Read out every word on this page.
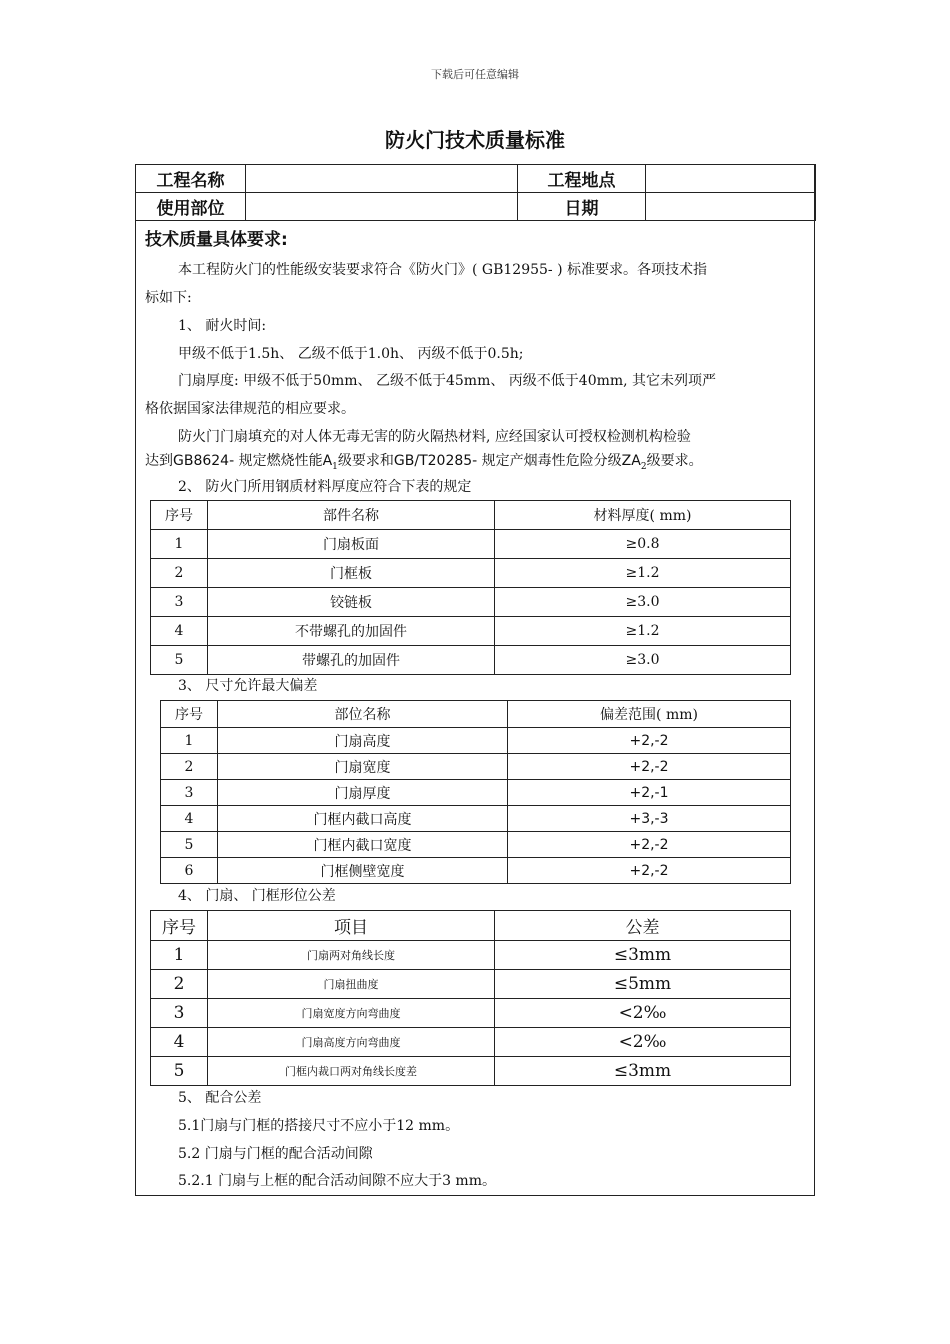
下载后可任意编辑
防火门技术质量标准
工程名称		工程地点	
使用部位		日期	
技术质量具体要求:
本工程防火门的性能级安装要求符合《防火门》( GB12955- ) 标准要求。各项技术指
标如下:
1、 耐火时间:
甲级不低于1.5h、 乙级不低于1.0h、 丙级不低于0.5h;
门扇厚度: 甲级不低于50mm、 乙级不低于45mm、 丙级不低于40mm, 其它未列项严
格依据国家法律规范的相应要求。
防火门门扇填充的对人体无毒无害的防火隔热材料, 应经国家认可授权检测机构检验
达到GB8624- 规定燃烧性能$A_1$级要求和GB/T20285- 规定产烟毒性危险分级$ZA_2$级要求。
2、 防火门所用钢质材料厚度应符合下表的规定
序号	部件名称	材料厚度( mm)
1	门扇板面	≥0.8
2	门框板	≥1.2
3	铰链板	≥3.0
4	不带螺孔的加固件	≥1.2
5	带螺孔的加固件	≥3.0
3、 尺寸允许最大偏差
序号	部位名称	偏差范围( mm)
1	门扇高度	+2,-2
2	门扇宽度	+2,-2
3	门扇厚度	+2,-1
4	门框内截口高度	+3,-3
5	门框内截口宽度	+2,-2
6	门框侧壁宽度	+2,-2
4、 门扇、 门框形位公差
序号	项目	公差
1	门扇两对角线长度	≤3mm
2	门扇扭曲度	≤5mm
3	门扇宽度方向弯曲度	<2‰
4	门扇高度方向弯曲度	<2‰
5	门框内裁口两对角线长度差	≤3mm
5、 配合公差
5.1门扇与门框的搭接尺寸不应小于12 mm。
5.2 门扇与门框的配合活动间隙
5.2.1 门扇与上框的配合活动间隙不应大于3 mm。
